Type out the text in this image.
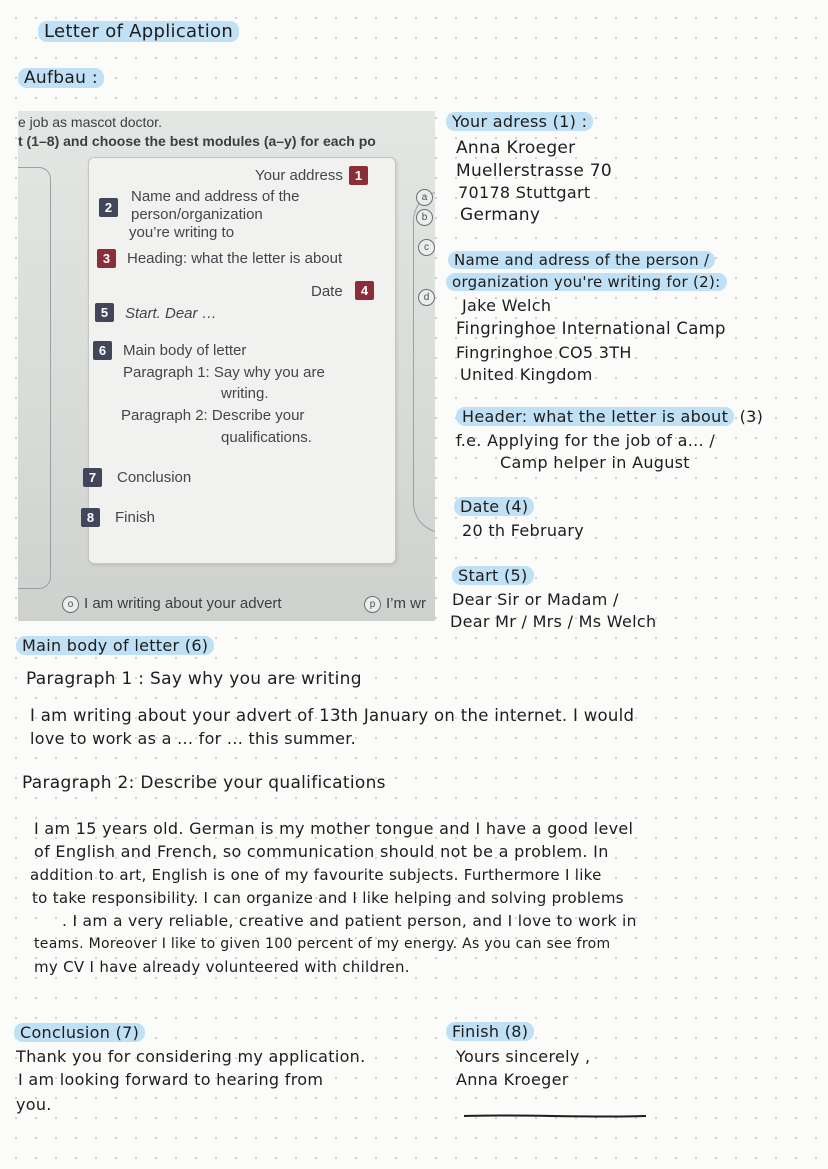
Letter of Application
Aufbau :
e job as mascot doctor.
t (1–8) and choose the best modules (a–y) for each po
Your address 1
Name and address of the
2	person/organization
you’re writing to
3	Heading: what the letter is about
Date	4
5	Start. Dear …
6	Main body of letter
Paragraph 1: Say why you are
writing.
Paragraph 2: Describe your
qualifications.
7	Conclusion
8	Finish
a
b
c
d
o I am writing about your advert	p I’m wr
Your adress (1) :
Anna Kroeger
Muellerstrasse 70
70178 Stuttgart
Germany
Name and adress of the person /
organization you're writing for (2):
Jake Welch
Fingringhoe International Camp
Fingringhoe CO5 3TH
United Kingdom
Header: what the letter is about (3)
f.e. Applying for the job of a... /
Camp helper in August
Date (4)
20 th February
Start (5)
Dear Sir or Madam /
Dear Mr / Mrs / Ms Welch
Main body of letter (6)
Paragraph 1 : Say why you are writing
I am writing about your advert of 13th January on the internet. I would
love to work as a ... for ... this summer.
Paragraph 2: Describe your qualifications
I am 15 years old. German is my mother tongue and I have a good level
of English and French, so communication should not be a problem. In
addition to art, English is one of my favourite subjects. Furthermore I like
to take responsibility. I can organize and I like helping and solving problems
. I am a very reliable, creative and patient person, and I love to work in
teams. Moreover I like to given 100 percent of my energy. As you can see from
my CV I have already volunteered with children.
Conclusion (7)
Thank you for considering my application.
I am looking forward to hearing from
you.
Finish (8)
Yours sincerely ,
Anna Kroeger
